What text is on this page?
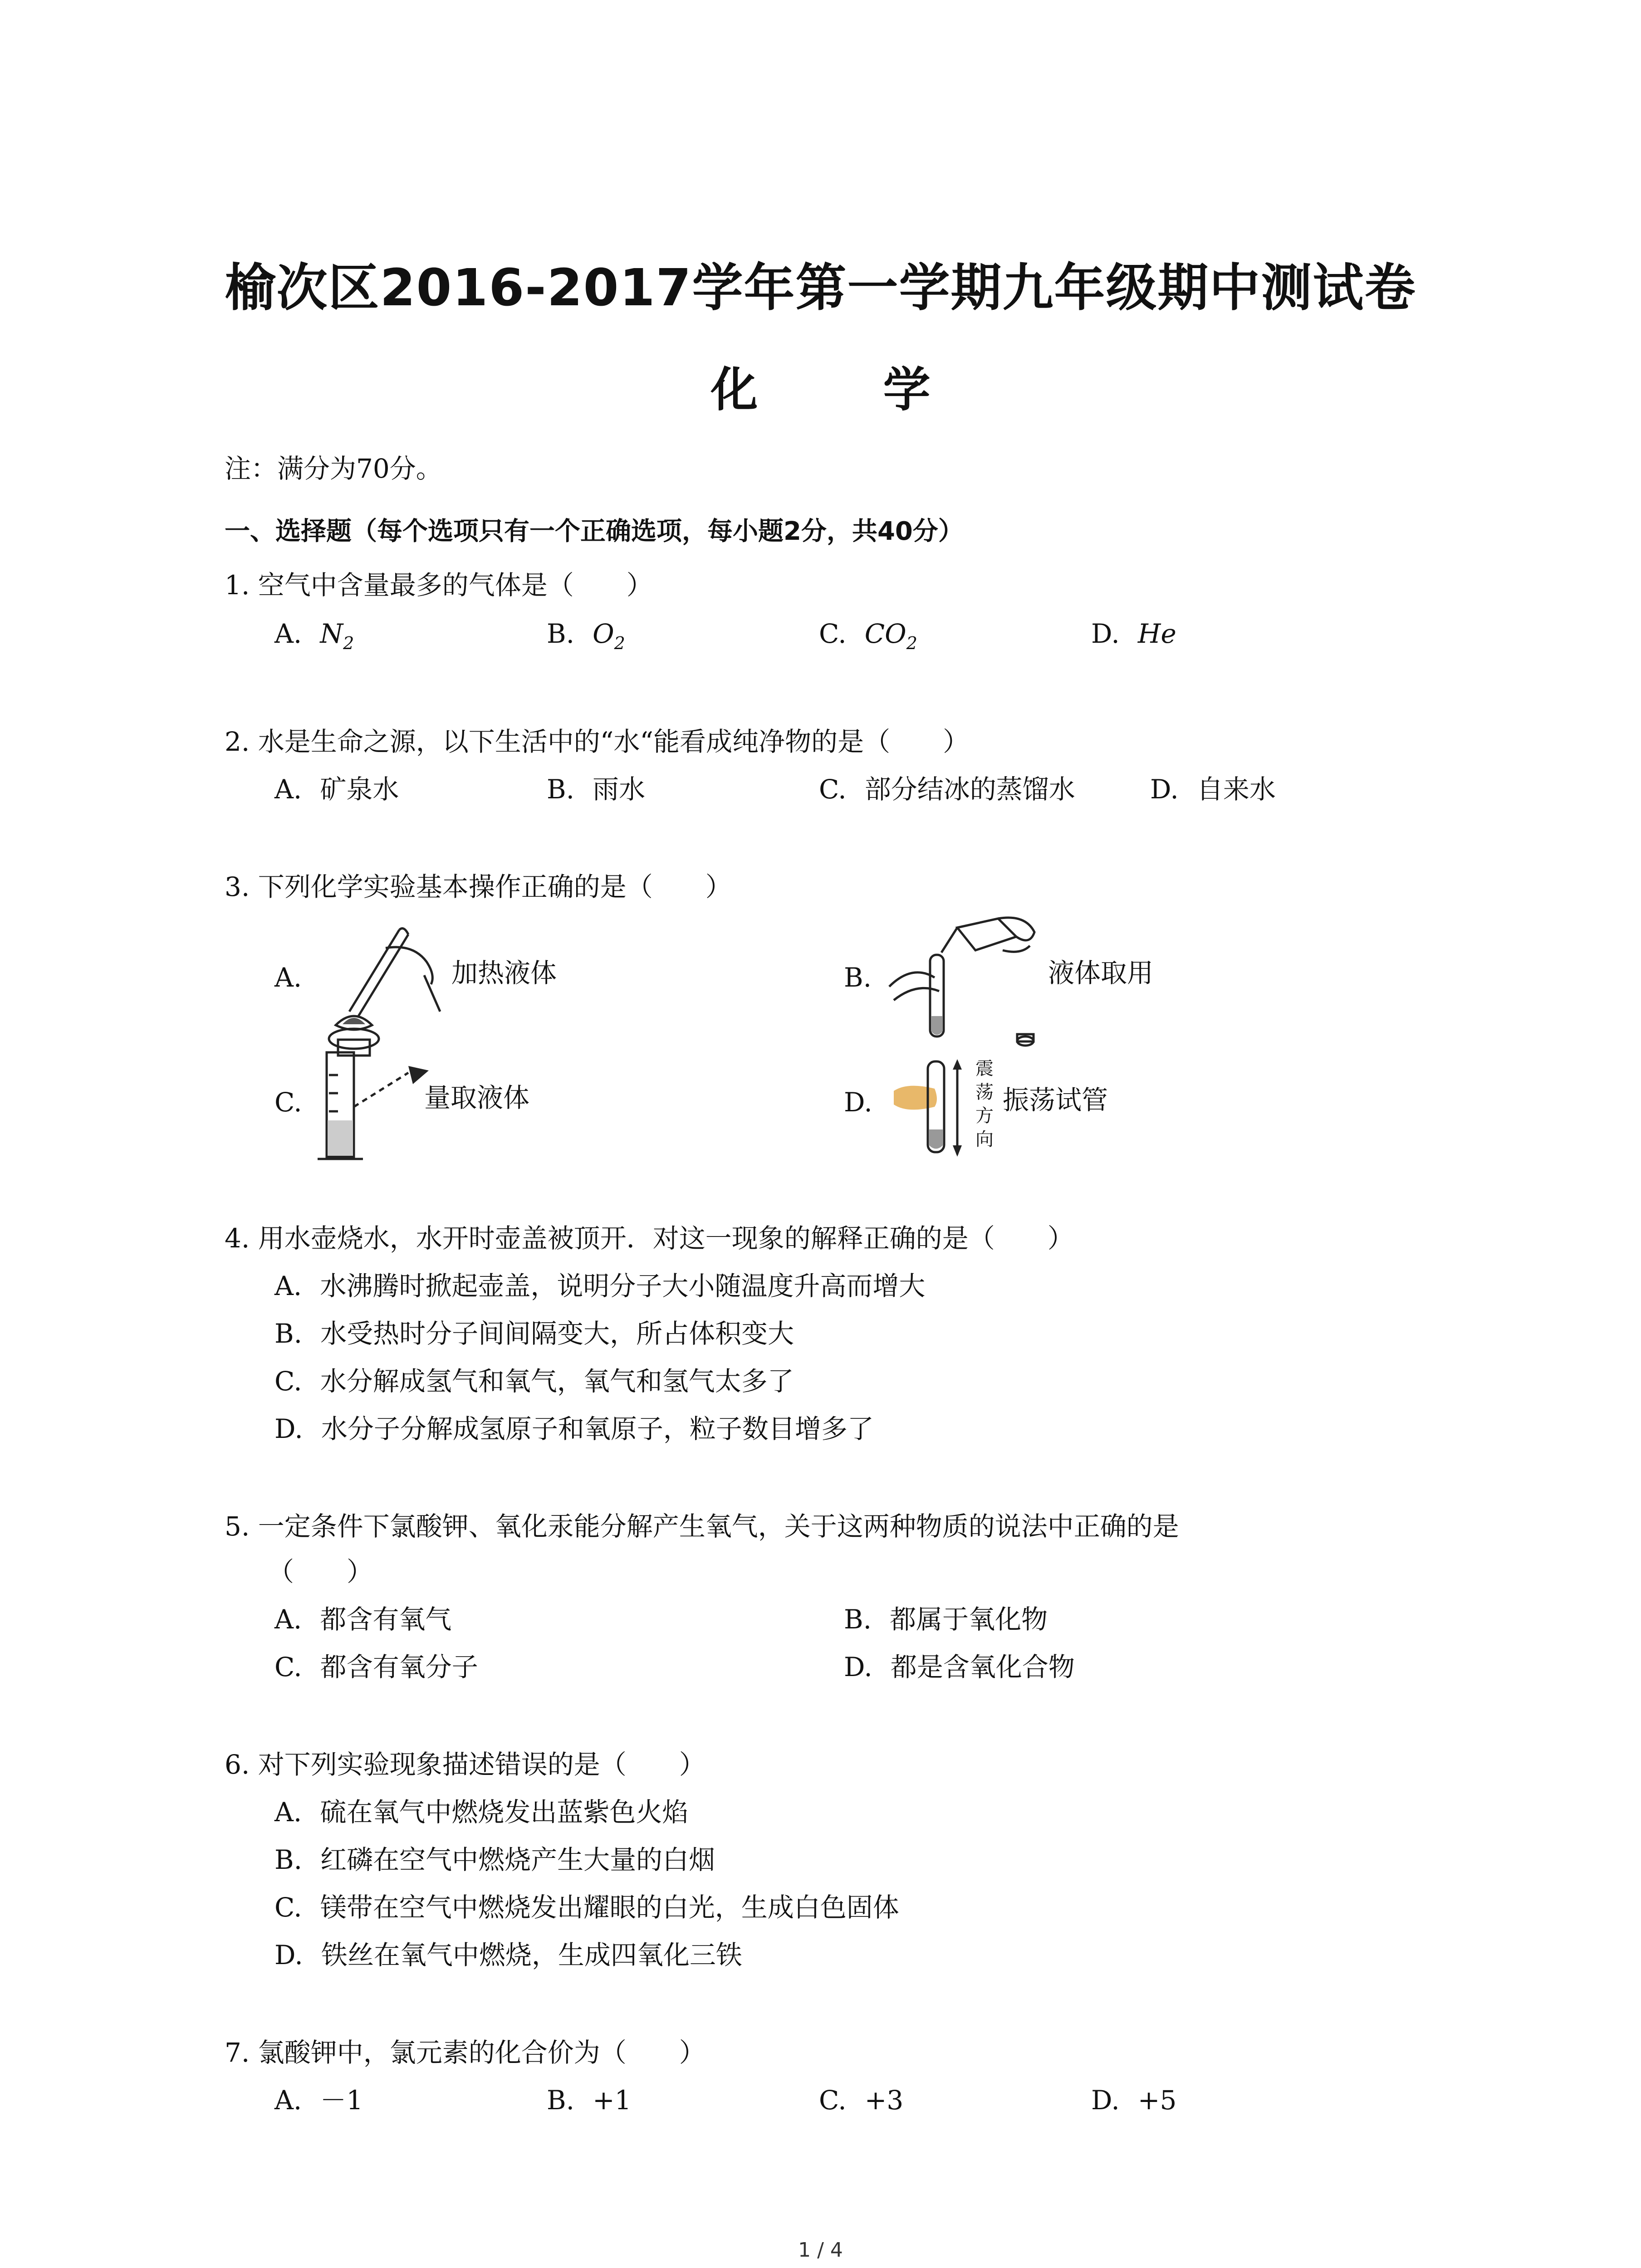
榆次区2016-2017学年第一学期九年级期中测试卷
化 学
注：满分为70分。
一、选择题（每个选项只有一个正确选项，每小题2分，共40分）
1. 空气中含量最多的气体是（　　）
A. $N_2$	B. $O_2$	C. $CO_2$	D. He
2. 水是生命之源，以下生活中的“水“能看成纯净物的是（　　）
A. 矿泉水	B. 雨水	C. 部分结冰的蒸馏水	D. 自来水
3. 下列化学实验基本操作正确的是（　　）
A.	加热液体	B.	液体取用
C.	量取液体	D.
震荡方向
振荡试管
4. 用水壶烧水，水开时壶盖被顶开．对这一现象的解释正确的是（　　）
A. 水沸腾时掀起壶盖，说明分子大小随温度升高而增大
B. 水受热时分子间间隔变大，所占体积变大
C. 水分解成氢气和氧气，氧气和氢气太多了
D. 水分子分解成氢原子和氧原子，粒子数目增多了
5. 一定条件下氯酸钾、氧化汞能分解产生氧气，关于这两种物质的说法中正确的是
（　　）
A. 都含有氧气	B. 都属于氧化物
C. 都含有氧分子	D. 都是含氧化合物
6. 对下列实验现象描述错误的是（　　）
A. 硫在氧气中燃烧发出蓝紫色火焰
B. 红磷在空气中燃烧产生大量的白烟
C. 镁带在空气中燃烧发出耀眼的白光，生成白色固体
D. 铁丝在氧气中燃烧，生成四氧化三铁
7. 氯酸钾中，氯元素的化合价为（　　）
A. －1	B. +1	C. +3	D. +5
1 / 4
